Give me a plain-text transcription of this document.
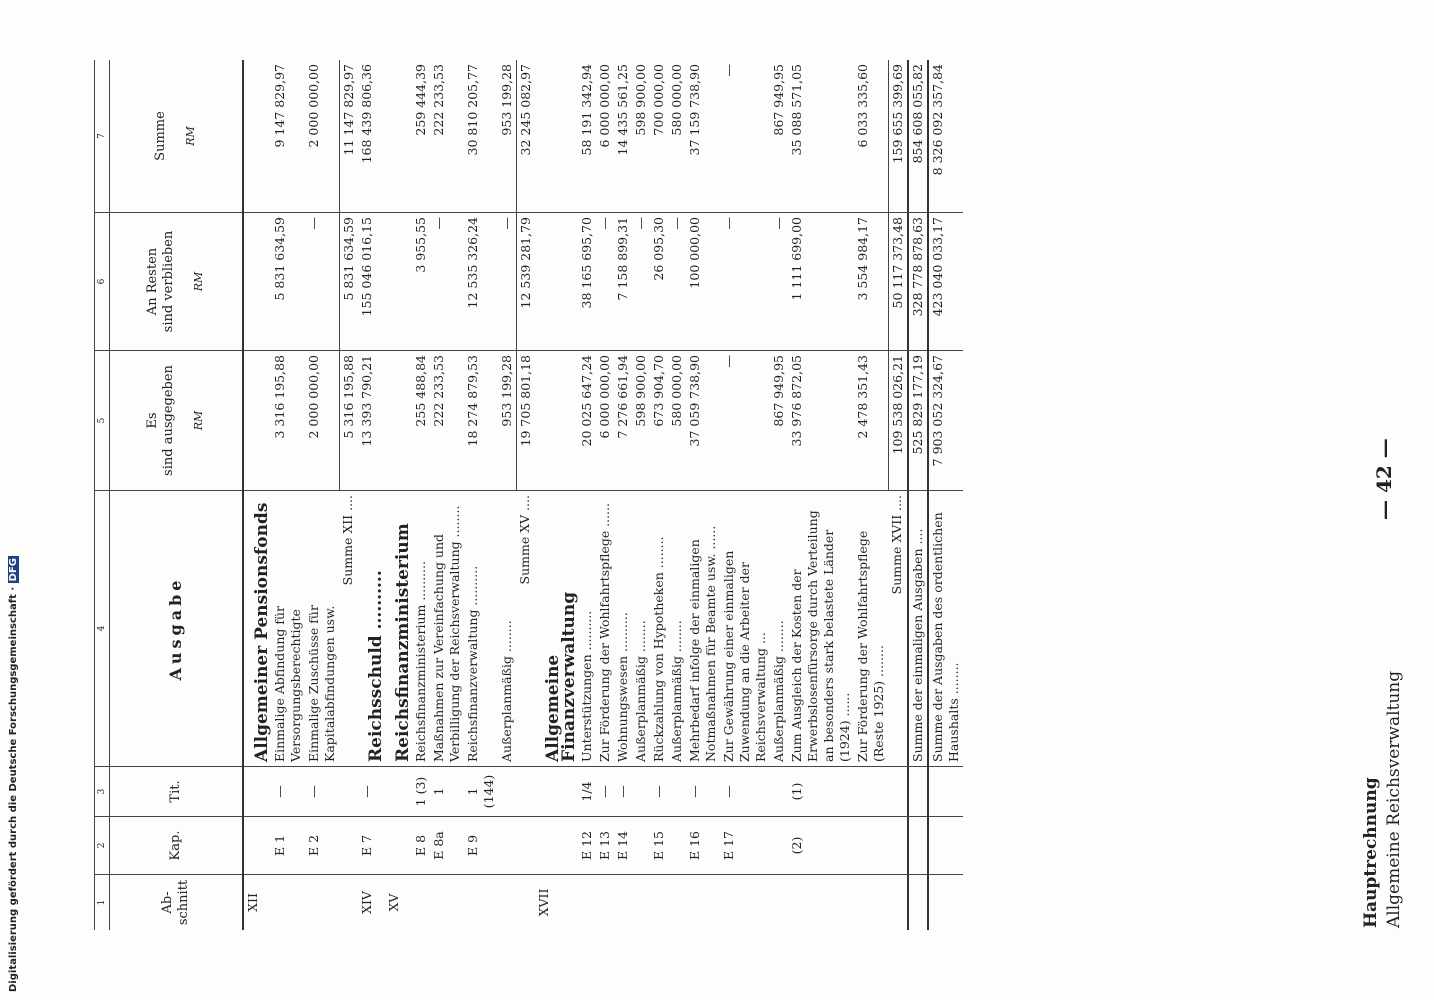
Digitalisierung gefördert durch die Deutsche Forschungsgemeinschaft · DFG
Hauptrechnung Allgemeine Reichsverwaltung
— 42 —
1
2
3
4
5
6
7
Ab-
schnitt
Kap.
Tit.
Ausgabe
Es
sind ausgegeben RM
An Resten
sind verblieben RM
Summe RM
XII
Allgemeiner Pensionsfonds
E 1
—
Einmalige Abfindung für Versorgungsberechtigte
3 316 195,88
5 831 634,59
9 147 829,97
E 2
—
Einmalige Zuschüsse für Kapitalabfindungen usw.
2 000 000,00
—
2 000 000,00
Summe XII ....
5 316 195,88
5 831 634,59
11 147 829,97
XIV
E 7
—
Reichsschuld ..........
13 393 790,21
155 046 016,15
168 439 806,36
XV
Reichsfinanzministerium
E 8
1 (3)
Reichsfinanzministerium ..........
255 488,84
3 955,55
259 444,39
E 8a
1
Maßnahmen zur Vereinfachung und Verbilligung der Reichsverwaltung ........
222 233,53
—
222 233,53
E 9
1 (144)
Reichsfinanzverwaltung ..........
18 274 879,53
12 535 326,24
30 810 205,77
Außerplanmäßig ........
953 199,28
—
953 199,28
Summe XV ....
19 705 801,18
12 539 281,79
32 245 082,97
XVII
Allgemeine Finanzverwaltung
E 12
1/4
Unterstützungen ..........
20 025 647,24
38 165 695,70
58 191 342,94
E 13
—
Zur Förderung der Wohlfahrtspflege ......
6 000 000,00
—
6 000 000,00
E 14
—
Wohnungswesen ..........
7 276 661,94
7 158 899,31
14 435 561,25
Außerplanmäßig ........
598 900,00
—
598 900,00
E 15
—
Rückzahlung von Hypotheken ........
673 904,70
26 095,30
700 000,00
Außerplanmäßig ........
580 000,00
—
580 000,00
E 16
—
Mehrbedarf infolge der einmaligen Notmaßnahmen für Beamte usw. ......
37 059 738,90
100 000,00
37 159 738,90
E 17
—
Zur Gewährung einer einmaligen Zuwendung an die Arbeiter der Reichsverwaltung ...
—
—
—
Außerplanmäßig ........
867 949,95
—
867 949,95
(2)
(1)
Zum Ausgleich der Kosten der Erwerbslosenfürsorge durch Verteilung an besonders stark belastete Länder (1924) ......
33 976 872,05
1 111 699,00
35 088 571,05
Zur Förderung der Wohlfahrtspflege (Reste 1925) ........
2 478 351,43
3 554 984,17
6 033 335,60
Summe XVII ....
109 538 026,21
50 117 373,48
159 655 399,69
Summe der einmaligen Ausgaben ....
525 829 177,19
328 778 878,63
854 608 055,82
Summe der Ausgaben des ordentlichen Haushalts ........
7 903 052 324,67
423 040 033,17
8 326 092 357,84
